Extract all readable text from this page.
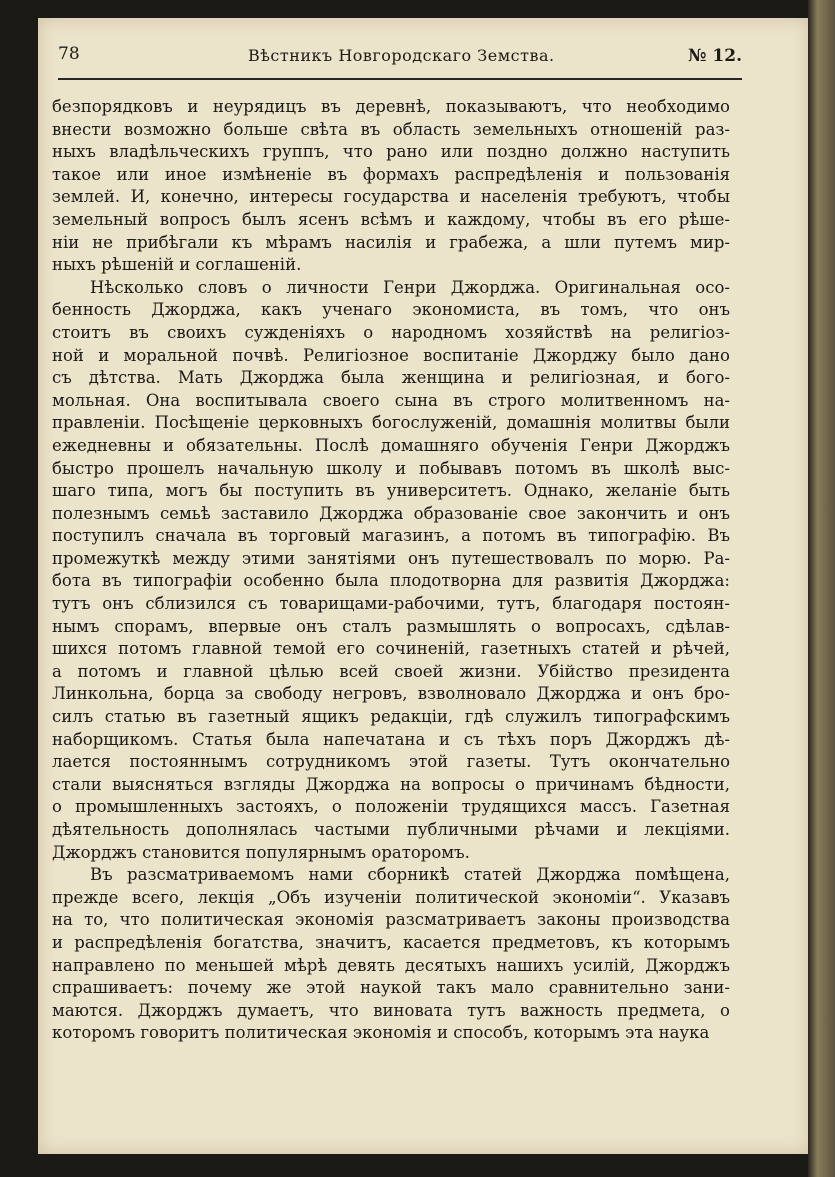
78	Вѣстникъ Новгородскаго Земства.	№ 12.
безпорядковъ и неурядицъ въ деревнѣ, показываютъ, что необходимо
внести возможно больше свѣта въ область земельныхъ отношеній раз-
ныхъ владѣльческихъ группъ, что рано или поздно должно наступить
такое или иное измѣненіе въ формахъ распредѣленія и пользованія
землей. И, конечно, интересы государства и населенія требуютъ, чтобы
земельный вопросъ былъ ясенъ всѣмъ и каждому, чтобы въ его рѣше-
ніи не прибѣгали къ мѣрамъ насилія и грабежа, а шли путемъ мир-
ныхъ рѣшеній и соглашеній.
Нѣсколько словъ о личности Генри Джорджа. Оригинальная осо-
бенность Джорджа, какъ ученаго экономиста, въ томъ, что онъ
стоитъ въ своихъ сужденіяхъ о народномъ хозяйствѣ на религіоз-
ной и моральной почвѣ. Религіозное воспитаніе Джорджу было дано
съ дѣтства. Мать Джорджа была женщина и религіозная, и бого-
мольная. Она воспитывала своего сына въ строго молитвенномъ на-
правленіи. Посѣщеніе церковныхъ богослуженій, домашнія молитвы были
ежедневны и обязательны. Послѣ домашняго обученія Генри Джорджъ
быстро прошелъ начальную школу и побывавъ потомъ въ школѣ выс-
шаго типа, могъ бы поступить въ университетъ. Однако, желаніе быть
полезнымъ семьѣ заставило Джорджа образованіе свое закончить и онъ
поступилъ сначала въ торговый магазинъ, а потомъ въ типографію. Въ
промежуткѣ между этими занятіями онъ путешествовалъ по морю. Ра-
бота въ типографіи особенно была плодотворна для развитія Джорджа:
тутъ онъ сблизился съ товарищами-рабочими, тутъ, благодаря постоян-
нымъ спорамъ, впервые онъ сталъ размышлять о вопросахъ, сдѣлав-
шихся потомъ главной темой его сочиненій, газетныхъ статей и рѣчей,
а потомъ и главной цѣлью всей своей жизни. Убійство президента
Линкольна, борца за свободу негровъ, взволновало Джорджа и онъ бро-
силъ статью въ газетный ящикъ редакціи, гдѣ служилъ типографскимъ
наборщикомъ. Статья была напечатана и съ тѣхъ поръ Джорджъ дѣ-
лается постояннымъ сотрудникомъ этой газеты. Тутъ окончательно
стали выясняться взгляды Джорджа на вопросы о причинамъ бѣдности,
о промышленныхъ застояхъ, о положеніи трудящихся массъ. Газетная
дѣятельность дополнялась частыми публичными рѣчами и лекціями.
Джорджъ становится популярнымъ ораторомъ.
Въ разсматриваемомъ нами сборникѣ статей Джорджа помѣщена,
прежде всего, лекція „Объ изученіи политической экономіи“. Указавъ
на то, что политическая экономія разсматриваетъ законы производства
и распредѣленія богатства, значитъ, касается предметовъ, къ которымъ
направлено по меньшей мѣрѣ девять десятыхъ нашихъ усилій, Джорджъ
спрашиваетъ: почему же этой наукой такъ мало сравнительно зани-
маются. Джорджъ думаетъ, что виновата тутъ важность предмета, о
которомъ говоритъ политическая экономія и способъ, которымъ эта наука
